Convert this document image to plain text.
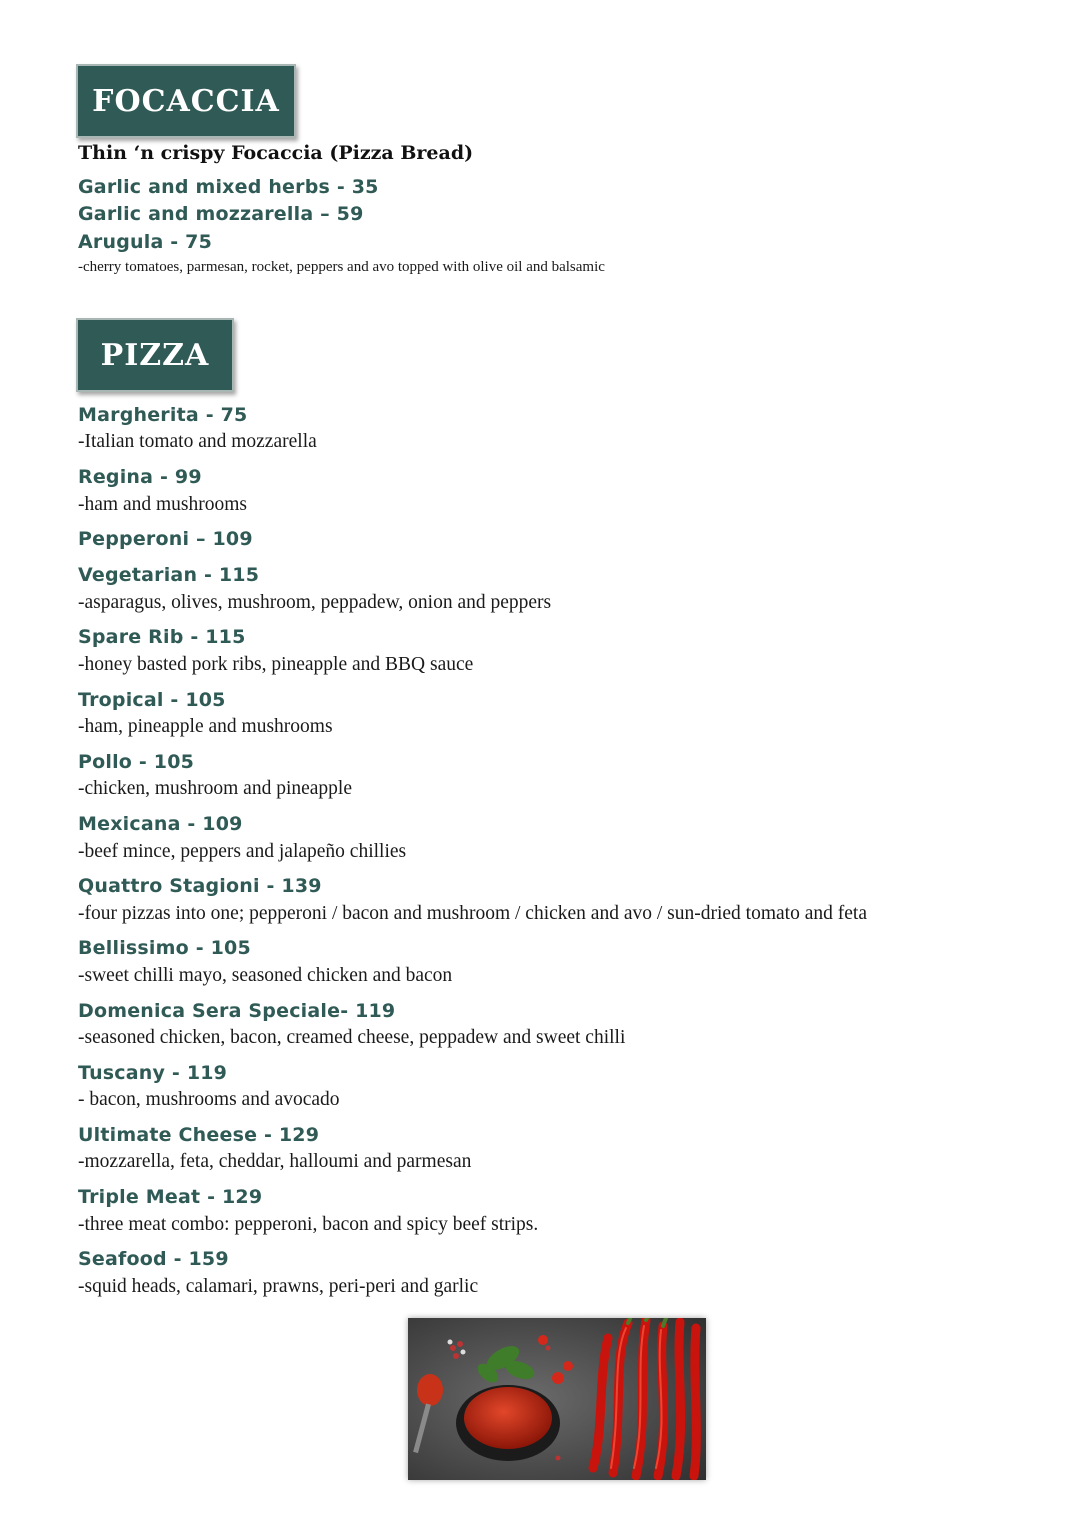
FOCACCIA
Thin ‘n crispy Focaccia (Pizza Bread)
Garlic and mixed herbs - 35
Garlic and mozzarella – 59
Arugula - 75
-cherry tomatoes, parmesan, rocket, peppers and avo topped with olive oil and balsamic
PIZZA
Margherita - 75
-Italian tomato and mozzarella
Regina - 99
-ham and mushrooms
Pepperoni – 109
Vegetarian - 115
-asparagus, olives, mushroom, peppadew, onion and peppers
Spare Rib - 115
-honey basted pork ribs, pineapple and BBQ sauce
Tropical - 105
-ham, pineapple and mushrooms
Pollo - 105
-chicken, mushroom and pineapple
Mexicana - 109
-beef mince, peppers and jalapeño chillies
Quattro Stagioni - 139
-four pizzas into one; pepperoni / bacon and mushroom / chicken and avo / sun-dried tomato and feta
Bellissimo - 105
-sweet chilli mayo, seasoned chicken and bacon
Domenica Sera Speciale- 119
-seasoned chicken, bacon, creamed cheese, peppadew and sweet chilli
Tuscany - 119
- bacon, mushrooms and avocado
Ultimate Cheese - 129
-mozzarella, feta, cheddar, halloumi and parmesan
Triple Meat - 129
-three meat combo: pepperoni, bacon and spicy beef strips.
Seafood - 159
-squid heads, calamari, prawns, peri-peri and garlic
